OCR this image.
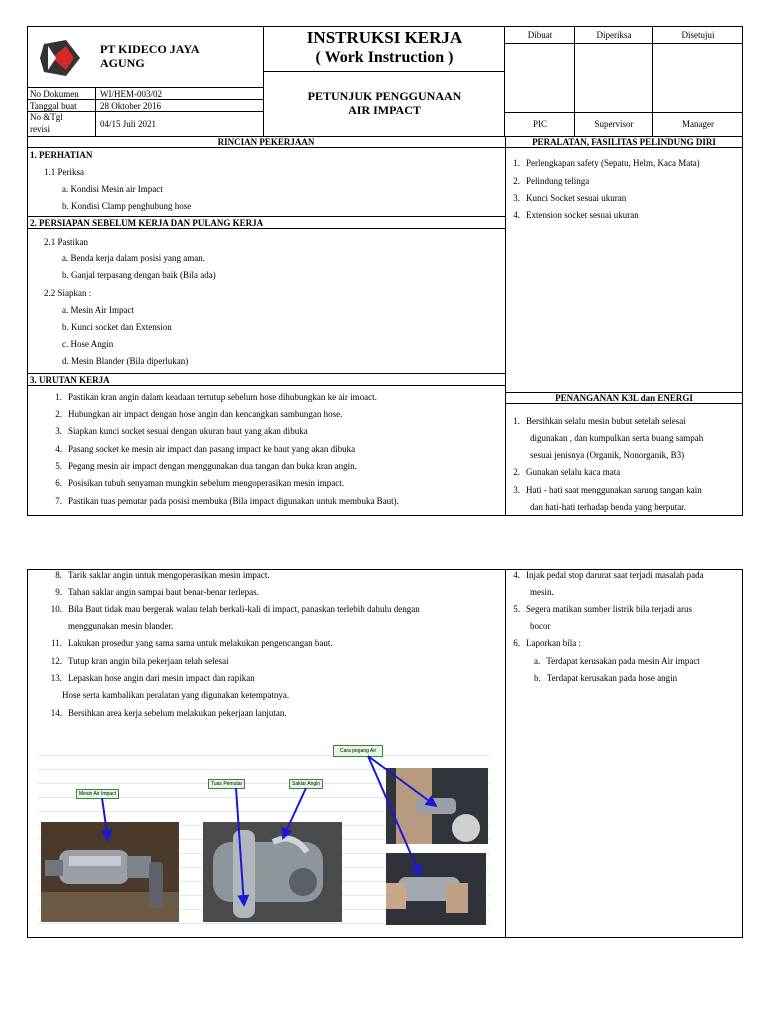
PT KIDECO JAYA AGUNG
No Dokumen WI/HEM-003/02
Tanggal buat	28 Oktober 2016
No &Tgl
revisi	04/15 Juli 2021
INSTRUKSI KERJA
( Work Instruction )
PETUNJUK PENGGUNAAN
AIR IMPACT
Dibuat	Diperiksa	Disetujui
PIC	Supervisor	Manager
RINCIAN PEKERJAAN	PERALATAN, FASILITAS PELINDUNG DIRI
1. PERHATIAN
1.1 Periksa
a. Kondisi Mesin air Impact
b. Kondisi Clamp penghubung hose
2. PERSIAPAN SEBELUM KERJA DAN PULANG KERJA
2.1 Pastikan
a. Benda kerja dalam posisi yang aman.
b. Ganjal terpasang dengan baik (Bila ada)
2.2 Siapkan :
a. Mesin Air Impact
b. Kunci socket dan Extension
c. Hose Angin
d. Mesin Blander (Bila diperlukan)
3. URUTAN KERJA
1. Pastikan kran angin dalam keadaan tertutup sebelum hose dihubungkan ke air imoact.
2. Hubungkan air impact dengan hose angin dan kencangkan sambungan hose.
3. Siapkan kunci socket sesuai dengan ukuran baut yang akan dibuka
4. Pasang socket ke mesin air impact dan pasang impact ke baut yang akan dibuka
5. Pegang mesin air impact dengan menggunakan dua tangan dan buka kran angin.
6. Posisikan tubuh senyaman mungkin sebelum mengoperasikan mesin impact.
7. Pastikan tuas pemutar pada posisi membuka (Bila impact digunakan untuk membuka Baut).
1. Perlengkapan safety (Sepatu, Helm, Kaca Mata)
2. Pelindung telinga
3. Kunci Socket sesuai ukuran
4. Extension socket sesuai ukuran
PENANGANAN K3L dan ENERGI
1. Bersihkan selalu mesin bubut setelah selesai
digunakan , dan kumpulkan serta buang sampah
sesuai jenisnya (Organik, Nonorganik, B3)
2. Gunakan selalu kaca mata
3. Hati - hati saat menggunakan sarung tangan kain
dan hati-hati terhadap benda yang berputar.
8. Tarik saklar angin untuk mengoperasikan mesin impact.
9. Tahan saklar angin sampai baut benar-benar terlepas.
10. Bila Baut tidak mau bergerak walau telah berkali-kali di impact, panaskan terlebih dahulu dengan
menggunakan mesin blander.
11. Lakukan prosedur yang sama sama untuk melakukan pengencangan baut.
12. Tutup kran angin bila pekerjaan telah selesai
13. Lepaskan hose angin dari mesin impact dan rapikan
Hose serta kambalikan peralatan yang digunakan ketempatnya.
14. Bersihkan area kerja sebelum melakukan pekerjaan lanjutan.
4. Injak pedal stop darurat saat terjadi masalah pada
mesin.
5. Segera matikan sumber listrik bila terjadi arus
bocor
6. Laporkan bila :
a. Terdapat kerusakan pada mesin Air impact
b. Terdapat kerusakan pada hose angin
Mesin Air Impact
Tuas Pemutar	Saklar Angin
Cara pegang Air
